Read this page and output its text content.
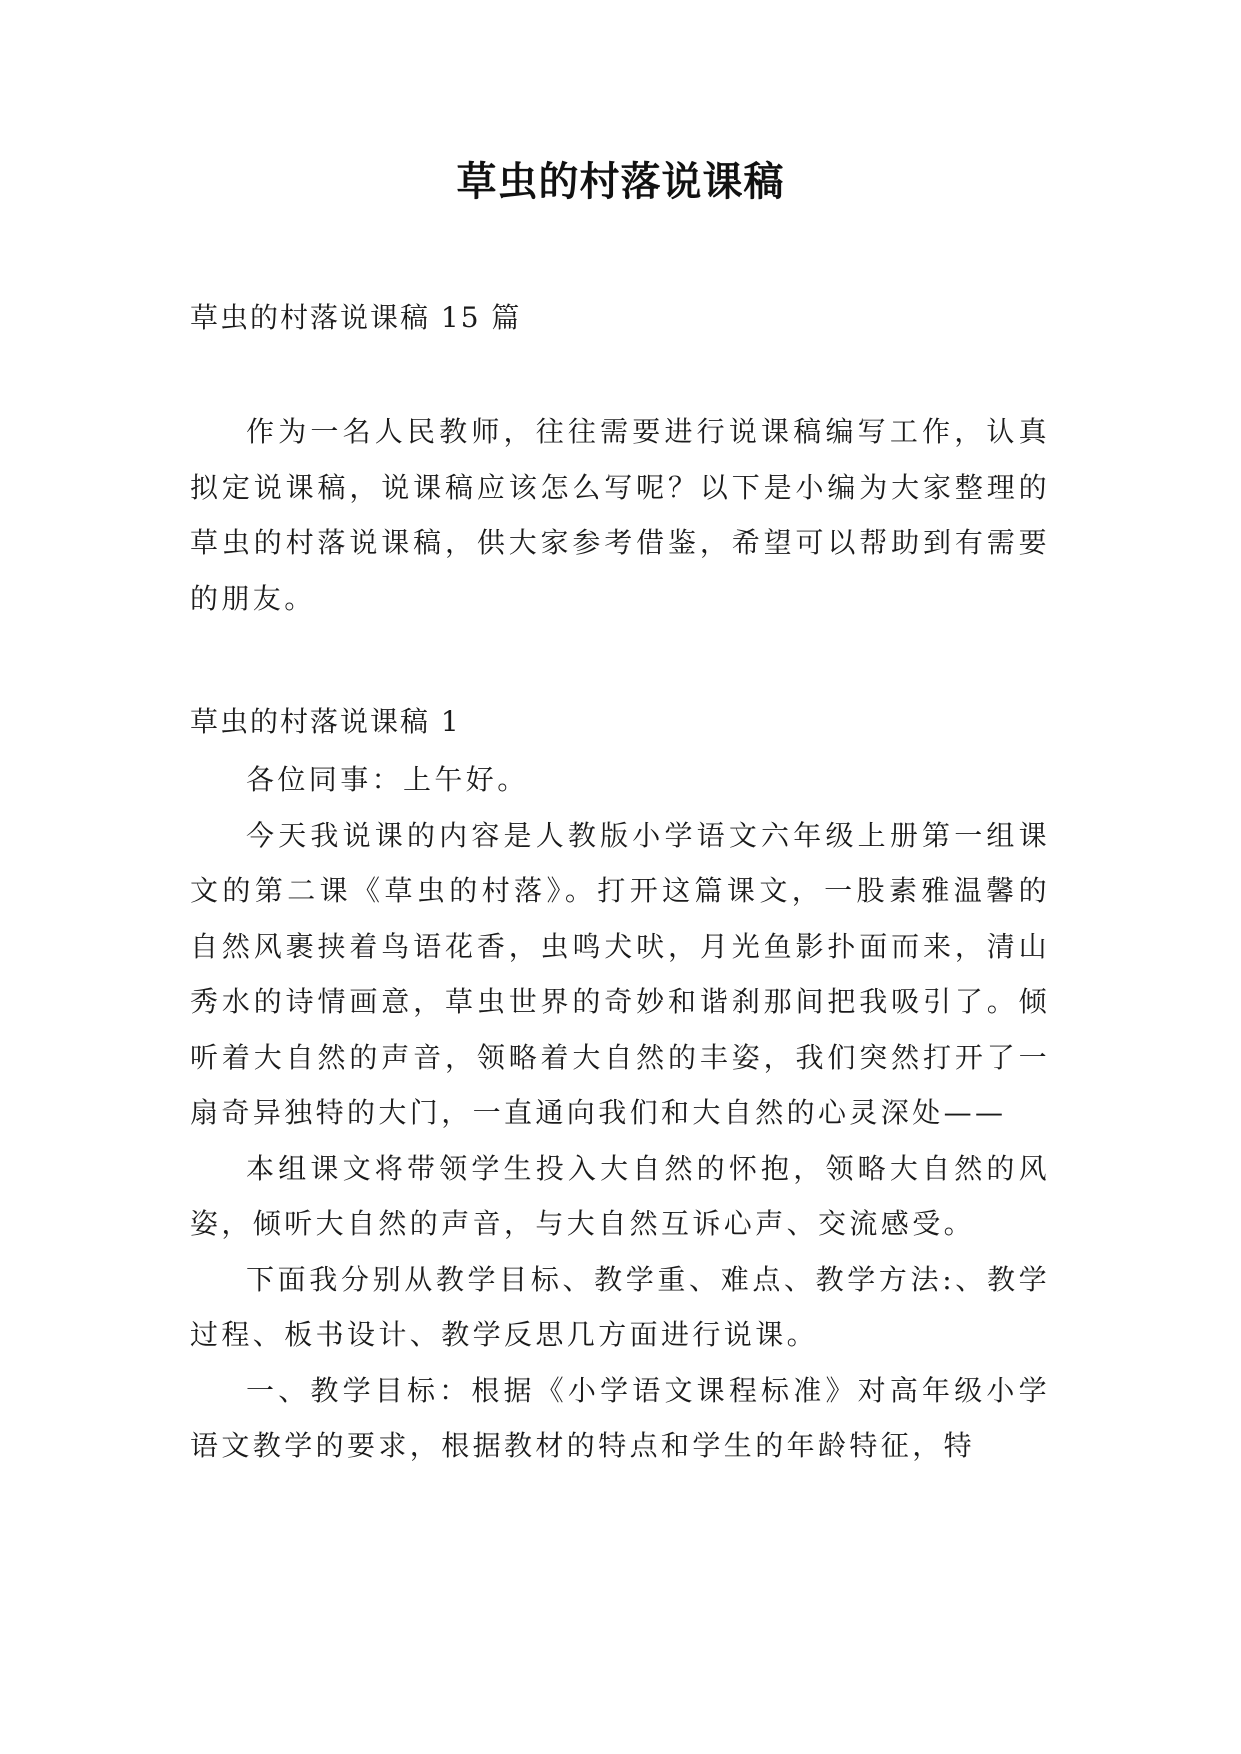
草虫的村落说课稿
草虫的村落说课稿 15 篇

作为一名人民教师，往往需要进行说课稿编写工作，认真拟定说课稿，说课稿应该怎么写呢？以下是小编为大家整理的草虫的村落说课稿，供大家参考借鉴，希望可以帮助到有需要的朋友。

草虫的村落说课稿 1

各位同事：上午好。

今天我说课的内容是人教版小学语文六年级上册第一组课文的第二课《草虫的村落》。打开这篇课文，一股素雅温馨的自然风裹挟着鸟语花香，虫鸣犬吠，月光鱼影扑面而来，清山秀水的诗情画意，草虫世界的奇妙和谐刹那间把我吸引了。倾听着大自然的声音，领略着大自然的丰姿，我们突然打开了一扇奇异独特的大门，一直通向我们和大自然的心灵深处——

本组课文将带领学生投入大自然的怀抱，领略大自然的风姿，倾听大自然的声音，与大自然互诉心声、交流感受。

下面我分别从教学目标、教学重、难点、教学方法:、教学过程、板书设计、教学反思几方面进行说课。

一、教学目标：根据《小学语文课程标准》对高年级小学语文教学的要求，根据教材的特点和学生的年龄特征，特
